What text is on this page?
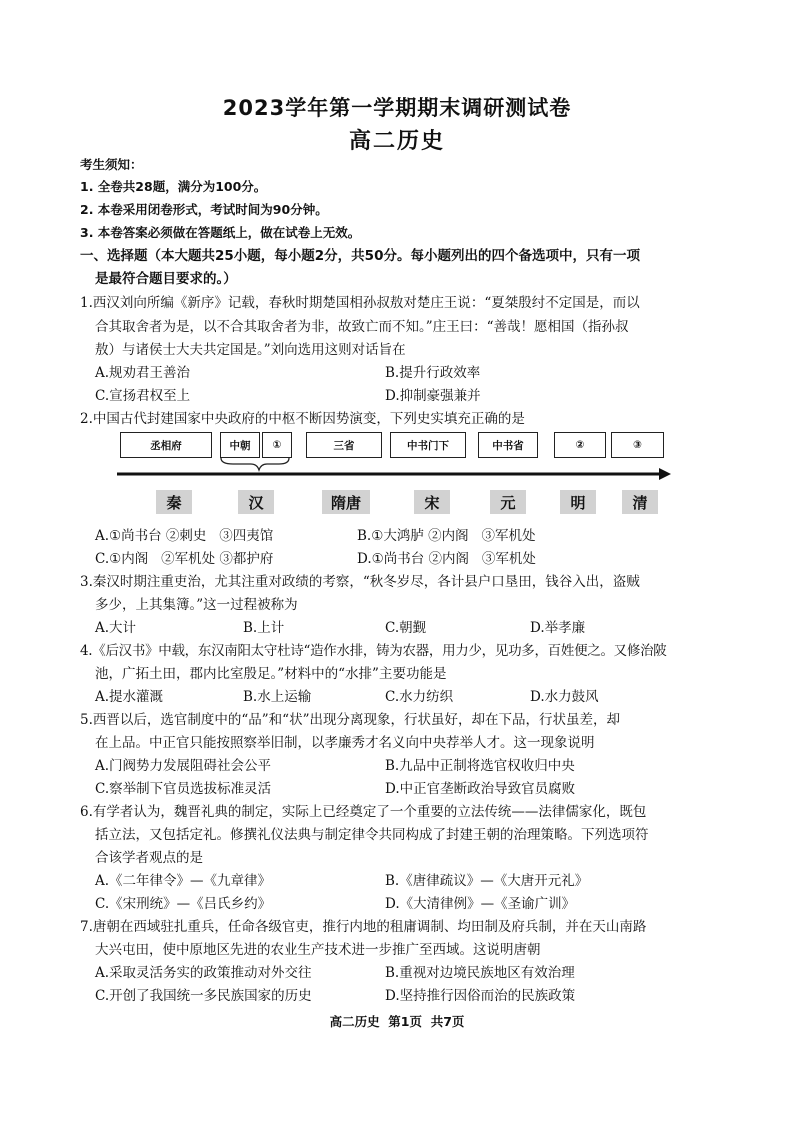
2023学年第一学期期末调研测试卷
高二历史
考生须知：
1. 全卷共28题，满分为100分。
2. 本卷采用闭卷形式，考试时间为90分钟。
3. 本卷答案必须做在答题纸上，做在试卷上无效。
一、选择题（本大题共25小题，每小题2分，共50分。每小题列出的四个备选项中，只有一项
是最符合题目要求的。）
1.西汉刘向所编《新序》记载，春秋时期楚国相孙叔敖对楚庄王说：“夏桀殷纣不定国是，而以
合其取舍者为是，以不合其取舍者为非，故致亡而不知。”庄王曰：“善哉！愿相国（指孙叔
敖）与诸侯士大夫共定国是。”刘向选用这则对话旨在
A.规劝君王善治	B.提升行政效率
C.宣扬君权至上	D.抑制豪强兼并
2.中国古代封建国家中央政府的中枢不断因势演变，下列史实填充正确的是
丞相府	中朝	①	三省	中书门下	中书省	②	③
秦	汉	隋唐	宋	元	明	清
A.①尚书台 ②刺史   ③四夷馆	B.①大鸿胪 ②内阁   ③军机处
C.①内阁   ②军机处 ③都护府	D.①尚书台 ②内阁   ③军机处
3.秦汉时期注重吏治，尤其注重对政绩的考察，“秋冬岁尽，各计县户口垦田，钱谷入出，盗贼
多少，上其集簿。”这一过程被称为
A.大计	B.上计	C.朝觐	D.举孝廉
4.《后汉书》中载，东汉南阳太守杜诗“造作水排，铸为农器，用力少，见功多，百姓便之。又修治陂
池，广拓土田，郡内比室殷足。”材料中的“水排”主要功能是
A.提水灌溉	B.水上运输	C.水力纺织	D.水力鼓风
5.西晋以后，选官制度中的“品”和“状”出现分离现象，行状虽好，却在下品，行状虽差，却
在上品。中正官只能按照察举旧制，以孝廉秀才名义向中央荐举人才。这一现象说明
A.门阀势力发展阻碍社会公平	B.九品中正制将选官权收归中央
C.察举制下官员选拔标准灵活	D.中正官垄断政治导致官员腐败
6.有学者认为，魏晋礼典的制定，实际上已经奠定了一个重要的立法传统——法律儒家化，既包
括立法，又包括定礼。修撰礼仪法典与制定律令共同构成了封建王朝的治理策略。下列选项符
合该学者观点的是
A.《二年律令》—《九章律》	B.《唐律疏议》—《大唐开元礼》
C.《宋刑统》—《吕氏乡约》	D.《大清律例》—《圣谕广训》
7.唐朝在西域驻扎重兵，任命各级官吏，推行内地的租庸调制、均田制及府兵制，并在天山南路
大兴屯田，使中原地区先进的农业生产技术进一步推广至西域。这说明唐朝
A.采取灵活务实的政策推动对外交往	B.重视对边境民族地区有效治理
C.开创了我国统一多民族国家的历史	D.坚持推行因俗而治的民族政策
高二历史  第1页  共7页
